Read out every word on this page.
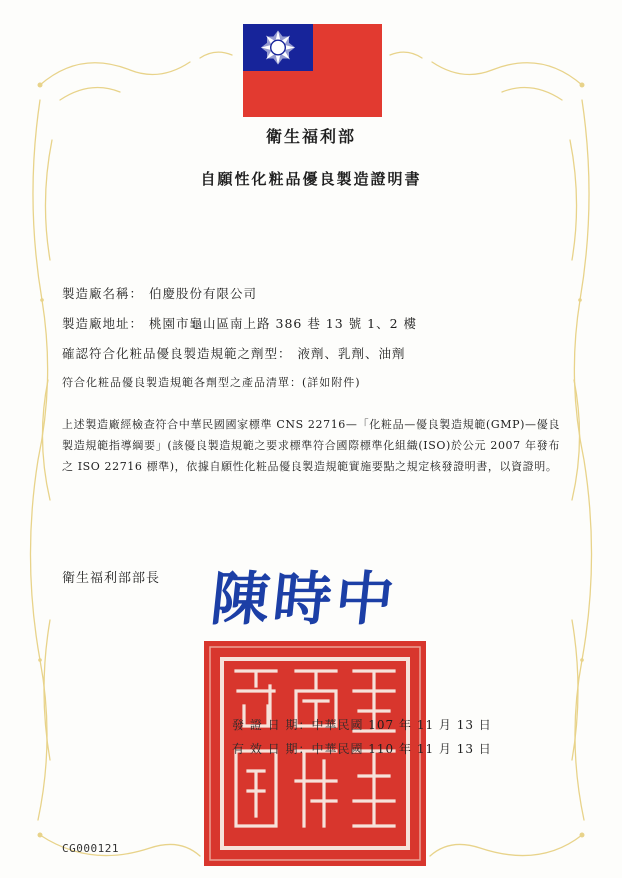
衛生福利部
自願性化粧品優良製造證明書
製造廠名稱： 伯慶股份有限公司
製造廠地址： 桃園市龜山區南上路 386 巷 13 號 1、2 樓
確認符合化粧品優良製造規範之劑型： 液劑、乳劑、油劑
符合化粧品優良製造規範各劑型之產品清單：(詳如附件)
上述製造廠經檢查符合中華民國國家標準 CNS 22716—「化粧品—優良製造規範(GMP)—優良製造規範指導綱要」(該優良製造規範之要求標準符合國際標準化組織(ISO)於公元 2007 年發布之 ISO 22716 標準)，依據自願性化粧品優良製造規範實施要點之規定核發證明書，以資證明。
衛生福利部部長 陳時中
發 證 日 期：中華民國 107 年 11 月 13 日
有 效 日 期：中華民國 110 年 11 月 13 日
CG000121
